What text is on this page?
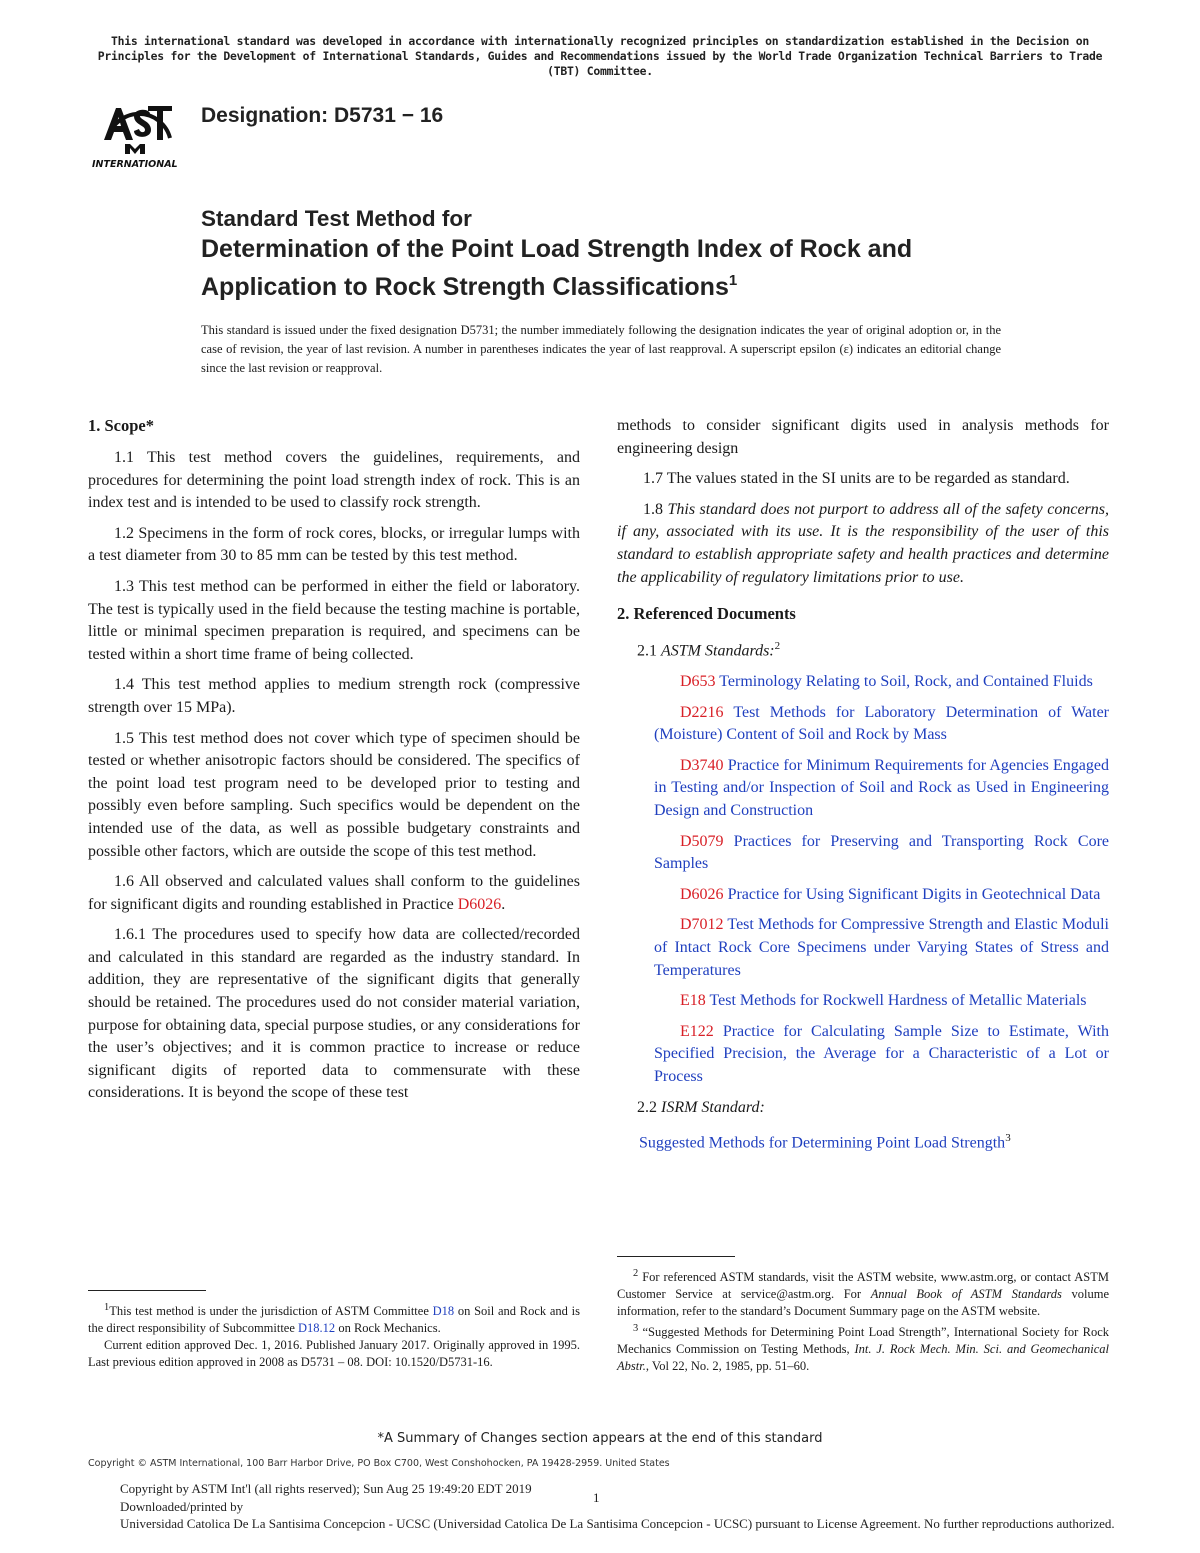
This international standard was developed in accordance with internationally recognized principles on standardization established in the Decision on Principles for the Development of International Standards, Guides and Recommendations issued by the World Trade Organization Technical Barriers to Trade (TBT) Committee.
INTERNATIONAL
Designation: D5731 − 16
Standard Test Method for
Determination of the Point Load Strength Index of Rock and
Application to Rock Strength Classifications$^1$
This standard is issued under the fixed designation D5731; the number immediately following the designation indicates the year of original adoption or, in the case of revision, the year of last revision. A number in parentheses indicates the year of last reapproval. A superscript epsilon (ε) indicates an editorial change since the last revision or reapproval.
1. Scope*

1.1 This test method covers the guidelines, requirements, and procedures for determining the point load strength index of rock. This is an index test and is intended to be used to classify rock strength.

1.2 Specimens in the form of rock cores, blocks, or irregular lumps with a test diameter from 30 to 85 mm can be tested by this test method.

1.3 This test method can be performed in either the field or laboratory. The test is typically used in the field because the testing machine is portable, little or minimal specimen preparation is required, and specimens can be tested within a short time frame of being collected.

1.4 This test method applies to medium strength rock (compressive strength over 15 MPa).

1.5 This test method does not cover which type of specimen should be tested or whether anisotropic factors should be considered. The specifics of the point load test program need to be developed prior to testing and possibly even before sampling. Such specifics would be dependent on the intended use of the data, as well as possible budgetary constraints and possible other factors, which are outside the scope of this test method.

1.6 All observed and calculated values shall conform to the guidelines for significant digits and rounding established in Practice D6026.

1.6.1 The procedures used to specify how data are collected/recorded and calculated in this standard are regarded as the industry standard. In addition, they are representative of the significant digits that generally should be retained. The procedures used do not consider material variation, purpose for obtaining data, special purpose studies, or any considerations for the user’s objectives; and it is common practice to increase or reduce significant digits of reported data to commensurate with these considerations. It is beyond the scope of these test

methods to consider significant digits used in analysis methods for engineering design

1.7 The values stated in the SI units are to be regarded as standard.

1.8 This standard does not purport to address all of the safety concerns, if any, associated with its use. It is the responsibility of the user of this standard to establish appropriate safety and health practices and determine the applicability of regulatory limitations prior to use.

2. Referenced Documents

2.1 ASTM Standards:$^2$

D653 Terminology Relating to Soil, Rock, and Contained Fluids

D2216 Test Methods for Laboratory Determination of Water (Moisture) Content of Soil and Rock by Mass

D3740 Practice for Minimum Requirements for Agencies Engaged in Testing and/or Inspection of Soil and Rock as Used in Engineering Design and Construction

D5079 Practices for Preserving and Transporting Rock Core Samples

D6026 Practice for Using Significant Digits in Geotechnical Data

D7012 Test Methods for Compressive Strength and Elastic Moduli of Intact Rock Core Specimens under Varying States of Stress and Temperatures

E18 Test Methods for Rockwell Hardness of Metallic Materials

E122 Practice for Calculating Sample Size to Estimate, With Specified Precision, the Average for a Characteristic of a Lot or Process

2.2 ISRM Standard:

Suggested Methods for Determining Point Load Strength$^3$

$^1$This test method is under the jurisdiction of ASTM Committee D18 on Soil and Rock and is the direct responsibility of Subcommittee D18.12 on Rock Mechanics.

Current edition approved Dec. 1, 2016. Published January 2017. Originally approved in 1995. Last previous edition approved in 2008 as D5731 – 08. DOI: 10.1520/D5731-16.

$^2$ For referenced ASTM standards, visit the ASTM website, www.astm.org, or contact ASTM Customer Service at service@astm.org. For Annual Book of ASTM Standards volume information, refer to the standard’s Document Summary page on the ASTM website.

$^3$ “Suggested Methods for Determining Point Load Strength”, International Society for Rock Mechanics Commission on Testing Methods, Int. J. Rock Mech. Min. Sci. and Geomechanical Abstr., Vol 22, No. 2, 1985, pp. 51–60.

*A Summary of Changes section appears at the end of this standard
Copyright © ASTM International, 100 Barr Harbor Drive, PO Box C700, West Conshohocken, PA 19428-2959. United States
Copyright by ASTM Int'l (all rights reserved); Sun Aug 25 19:49:20 EDT 2019
Downloaded/printed by
Universidad Catolica De La Santisima Concepcion - UCSC (Universidad Catolica De La Santisima Concepcion - UCSC) pursuant to License Agreement. No further reproductions authorized.
1
